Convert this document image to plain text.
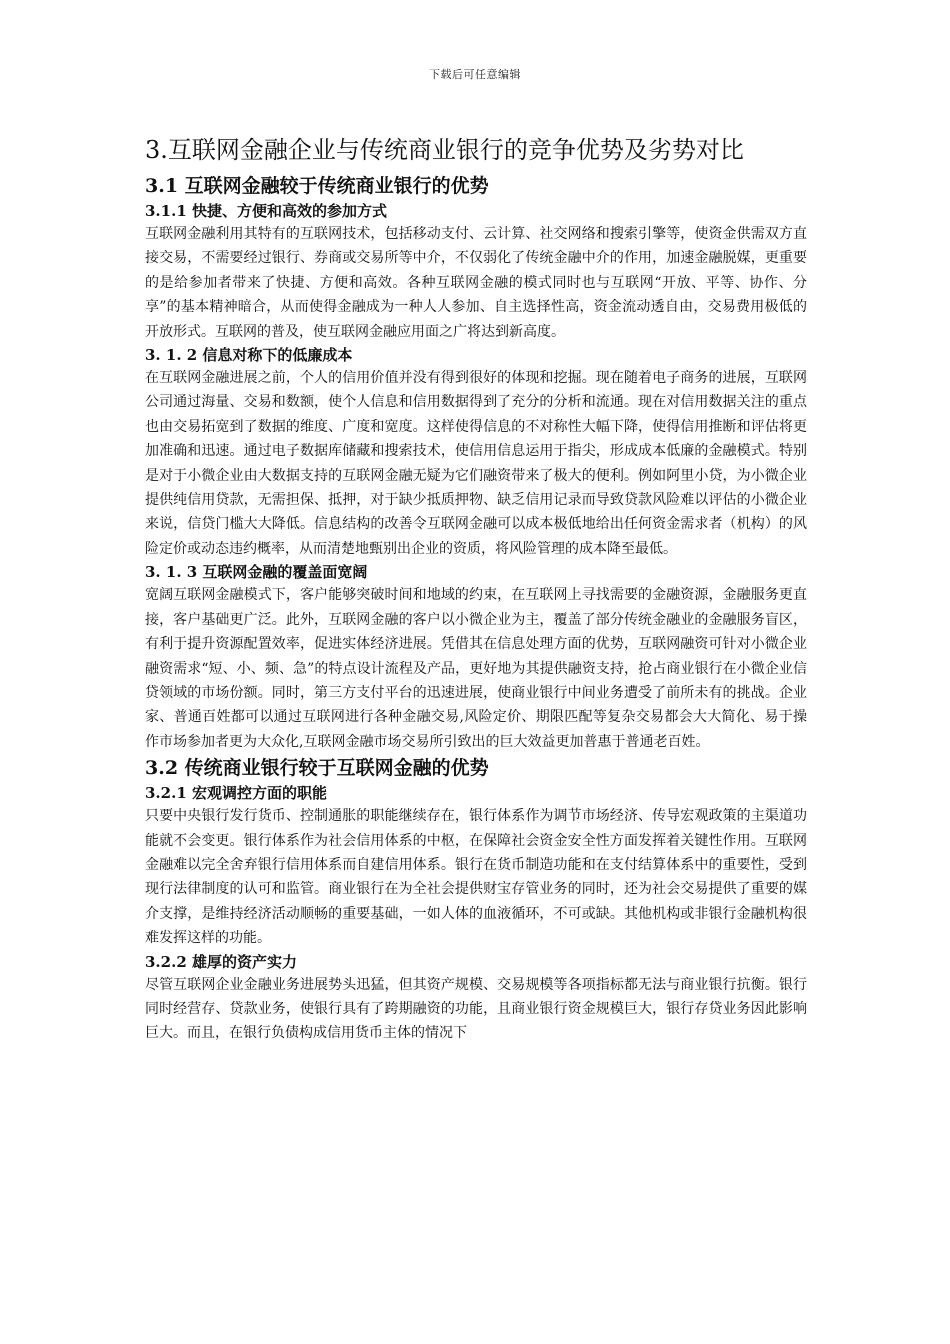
下载后可任意编辑
3.互联网金融企业与传统商业银行的竞争优势及劣势对比
3.1 互联网金融较于传统商业银行的优势
3.1.1 快捷、方便和高效的参加方式

互联网金融利用其特有的互联网技术，包括移动支付、云计算、社交网络和搜索引擎等，使资金供需双方直接交易，不需要经过银行、券商或交易所等中介，不仅弱化了传统金融中介的作用，加速金融脱媒，更重要的是给参加者带来了快捷、方便和高效。各种互联网金融的模式同时也与互联网“开放、平等、协作、分享”的基本精神暗合，从而使得金融成为一种人人参加、自主选择性高，资金流动透自由，交易费用极低的开放形式。互联网的普及，使互联网金融应用面之广将达到新高度。

3. 1. 2 信息对称下的低廉成本

在互联网金融进展之前，个人的信用价值并没有得到很好的体现和挖掘。现在随着电子商务的进展，互联网公司通过海量、交易和数额，使个人信息和信用数据得到了充分的分析和流通。现在对信用数据关注的重点也由交易拓宽到了数据的维度、广度和宽度。这样使得信息的不对称性大幅下降，使得信用推断和评估将更加准确和迅速。通过电子数据库储藏和搜索技术，使信用信息运用于指尖，形成成本低廉的金融模式。特别是对于小微企业由大数据支持的互联网金融无疑为它们融资带来了极大的便利。例如阿里小贷，为小微企业提供纯信用贷款，无需担保、抵押，对于缺少抵质押物、缺乏信用记录而导致贷款风险难以评估的小微企业来说，信贷门槛大大降低。信息结构的改善令互联网金融可以成本极低地给出任何资金需求者（机构）的风险定价或动态违约概率，从而清楚地甄别出企业的资质，将风险管理的成本降至最低。

3. 1. 3 互联网金融的覆盖面宽阔

宽阔互联网金融模式下，客户能够突破时间和地域的约束，在互联网上寻找需要的金融资源，金融服务更直接，客户基础更广泛。此外，互联网金融的客户以小微企业为主，覆盖了部分传统金融业的金融服务盲区，有利于提升资源配置效率，促进实体经济进展。凭借其在信息处理方面的优势，互联网融资可针对小微企业融资需求“短、小、频、急”的特点设计流程及产品，更好地为其提供融资支持，抢占商业银行在小微企业信贷领域的市场份额。同时，第三方支付平台的迅速进展，使商业银行中间业务遭受了前所未有的挑战。企业家、普通百姓都可以通过互联网进行各种金融交易,风险定价、期限匹配等复杂交易都会大大简化、易于操作市场参加者更为大众化,互联网金融市场交易所引致出的巨大效益更加普惠于普通老百姓。

3.2 传统商业银行较于互联网金融的优势
3.2.1 宏观调控方面的职能

只要中央银行发行货币、控制通胀的职能继续存在，银行体系作为调节市场经济、传导宏观政策的主渠道功能就不会变更。银行体系作为社会信用体系的中枢，在保障社会资金安全性方面发挥着关键性作用。互联网金融难以完全舍弃银行信用体系而自建信用体系。银行在货币制造功能和在支付结算体系中的重要性，受到现行法律制度的认可和监管。商业银行在为全社会提供财宝存管业务的同时，还为社会交易提供了重要的媒介支撑，是维持经济活动顺畅的重要基础，一如人体的血液循环，不可或缺。其他机构或非银行金融机构很难发挥这样的功能。

3.2.2 雄厚的资产实力

尽管互联网企业金融业务进展势头迅猛，但其资产规模、交易规模等各项指标都无法与商业银行抗衡。银行同时经营存、贷款业务，使银行具有了跨期融资的功能，且商业银行资金规模巨大，银行存贷业务因此影响巨大。而且，在银行负债构成信用货币主体的情况下
